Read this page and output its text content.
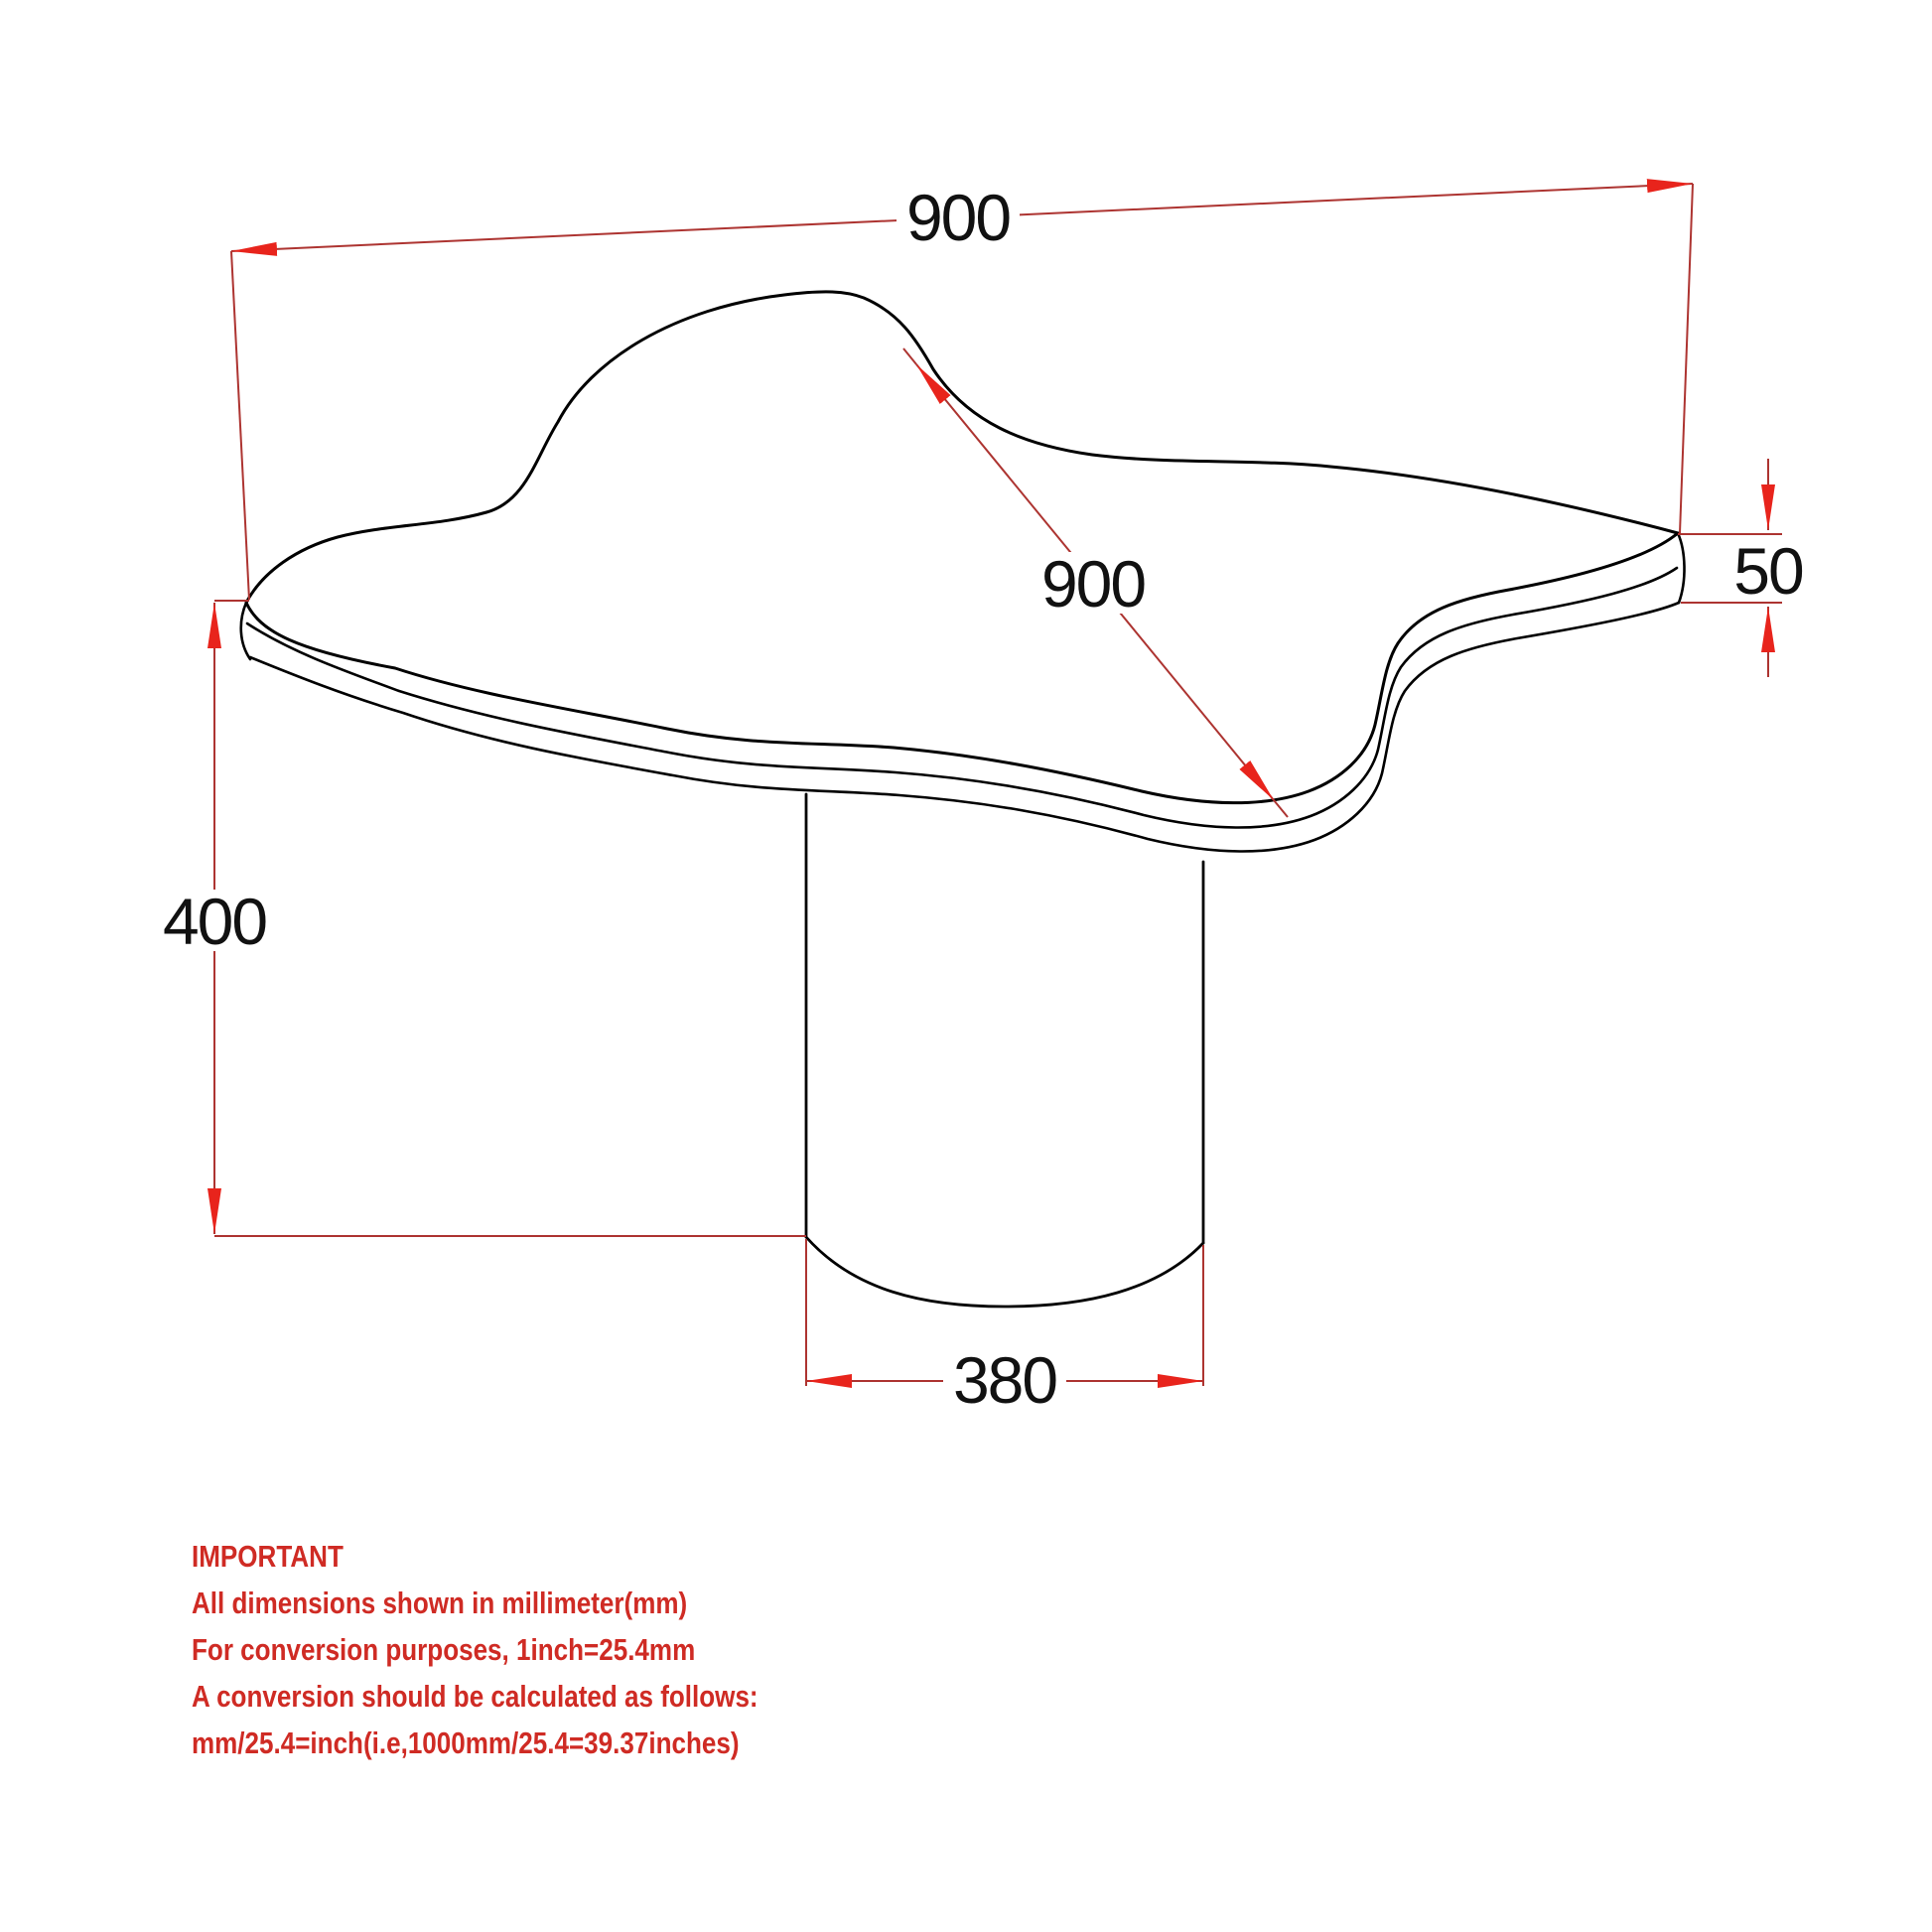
900
900
400
50
380
IMPORTANT
All dimensions shown in millimeter(mm)
For conversion purposes, 1inch=25.4mm
A conversion should be calculated as follows:
mm/25.4=inch(i.e,1000mm/25.4=39.37inches)
